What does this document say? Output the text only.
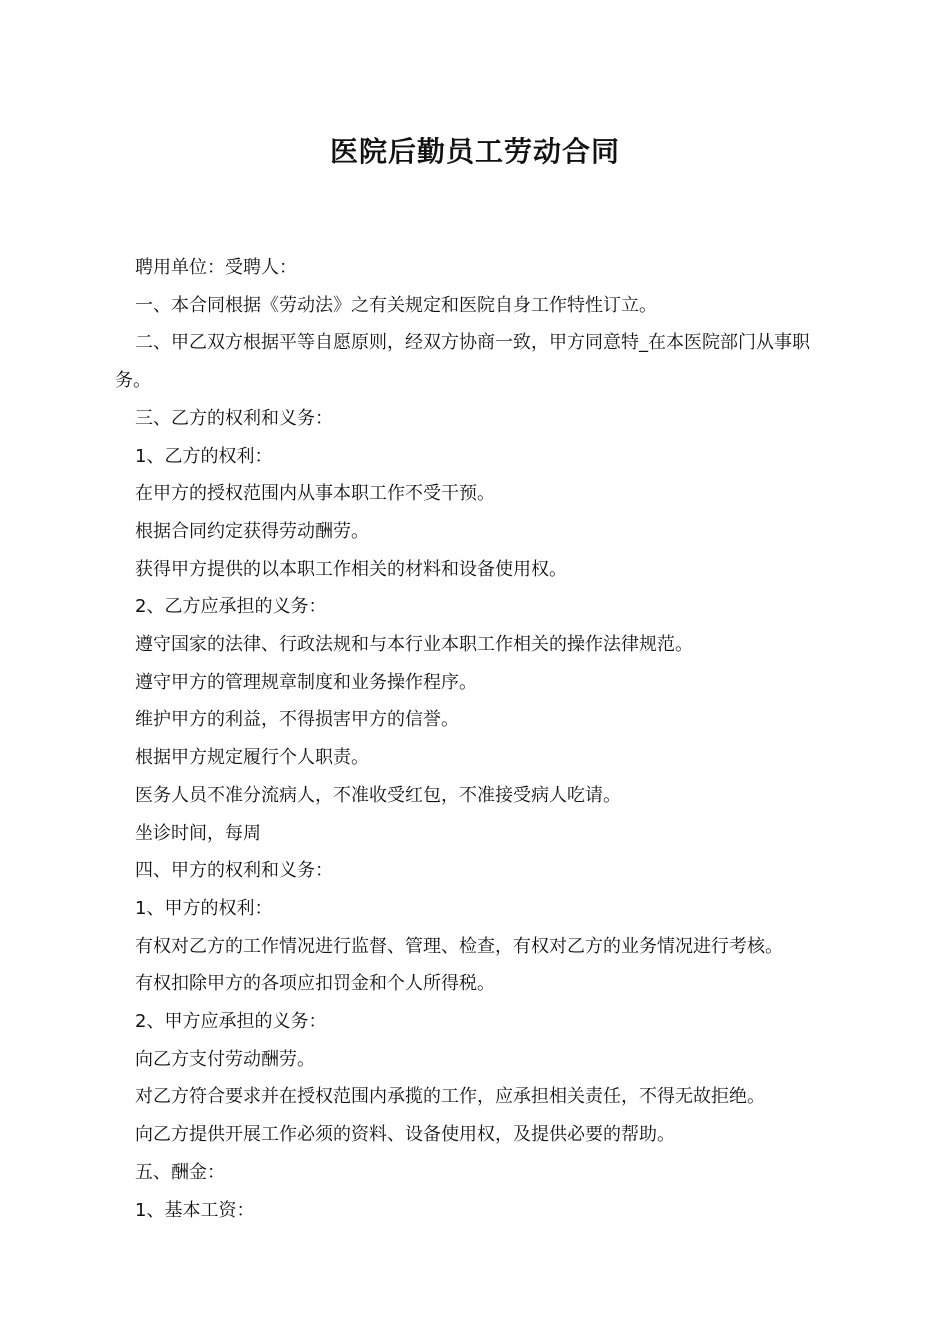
医院后勤员工劳动合同

聘用单位：受聘人：

一、本合同根据《劳动法》之有关规定和医院自身工作特性订立。

二、甲乙双方根据平等自愿原则，经双方协商一致，甲方同意特_在本医院部门从事职务。

三、乙方的权利和义务：

1、乙方的权利：

在甲方的授权范围内从事本职工作不受干预。

根据合同约定获得劳动酬劳。

获得甲方提供的以本职工作相关的材料和设备使用权。

2、乙方应承担的义务：

遵守国家的法律、行政法规和与本行业本职工作相关的操作法律规范。

遵守甲方的管理规章制度和业务操作程序。

维护甲方的利益，不得损害甲方的信誉。

根据甲方规定履行个人职责。

医务人员不准分流病人，不准收受红包，不准接受病人吃请。

坐诊时间，每周

四、甲方的权利和义务：

1、甲方的权利：

有权对乙方的工作情况进行监督、管理、检查，有权对乙方的业务情况进行考核。

有权扣除甲方的各项应扣罚金和个人所得税。

2、甲方应承担的义务：

向乙方支付劳动酬劳。

对乙方符合要求并在授权范围内承揽的工作，应承担相关责任，不得无故拒绝。

向乙方提供开展工作必须的资料、设备使用权，及提供必要的帮助。

五、酬金：

1、基本工资：
